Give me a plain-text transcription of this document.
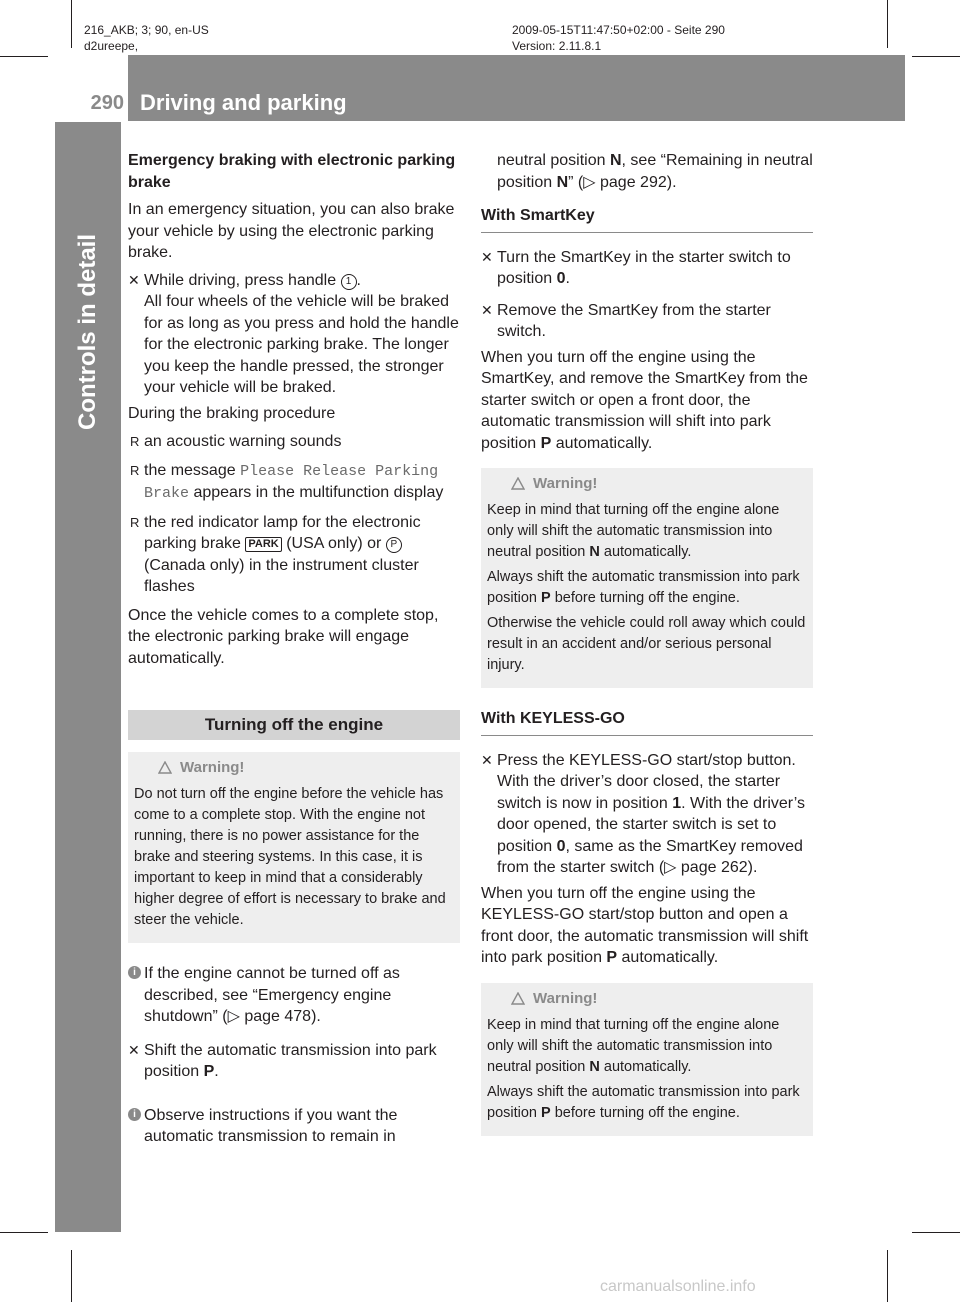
216_AKB; 3; 90, en-US
d2ureepe,
2009-05-15T11:47:50+02:00 - Seite 290
Version: 2.11.8.1
290 Driving and parking
Controls in detail

Emergency braking with electronic parking brake

In an emergency situation, you can also brake your vehicle by using the electronic parking brake.

✕ While driving, press handle 1 .
All four wheels of the vehicle will be braked for as long as you press and hold the handle for the electronic parking brake. The longer you keep the handle pressed, the stronger your vehicle will be braked.

During the braking procedure

R an acoustic warning sounds
R the message Please Release Parking Brake appears in the multifunction display
R the red indicator lamp for the electronic parking brake PARK (USA only) or P (Canada only) in the instrument cluster flashes

Once the vehicle comes to a complete stop, the electronic parking brake will engage automatically.

Turning off the engine
Warning!

Do not turn off the engine before the vehicle has come to a complete stop. With the engine not running, there is no power assistance for the brake and steering systems. In this case, it is important to keep in mind that a considerably higher degree of effort is necessary to brake and steer the vehicle.

i If the engine cannot be turned off as described, see “Emergency engine shutdown” (▷ page 478).
✕ Shift the automatic transmission into park position P.
i Observe instructions if you want the automatic transmission to remain in

neutral position N, see “Remaining in neutral position N” (▷ page 292).

With SmartKey
✕ Turn the SmartKey in the starter switch to position 0.
✕ Remove the SmartKey from the starter switch.

When you turn off the engine using the SmartKey, and remove the SmartKey from the starter switch or open a front door, the automatic transmission will shift into park position P automatically.

Warning!

Keep in mind that turning off the engine alone only will shift the automatic transmission into neutral position N automatically.

Always shift the automatic transmission into park position P before turning off the engine.

Otherwise the vehicle could roll away which could result in an accident and/or serious personal injury.

With KEYLESS-GO
✕ Press the KEYLESS-GO start/stop button. With the driver’s door closed, the starter switch is now in position 1. With the driver’s door opened, the starter switch is set to position 0, same as the SmartKey removed from the starter switch (▷ page 262).

When you turn off the engine using the KEYLESS-GO start/stop button and open a front door, the automatic transmission will shift into park position P automatically.

Warning!

Keep in mind that turning off the engine alone only will shift the automatic transmission into neutral position N automatically.

Always shift the automatic transmission into park position P before turning off the engine.

carmanualsonline.info
